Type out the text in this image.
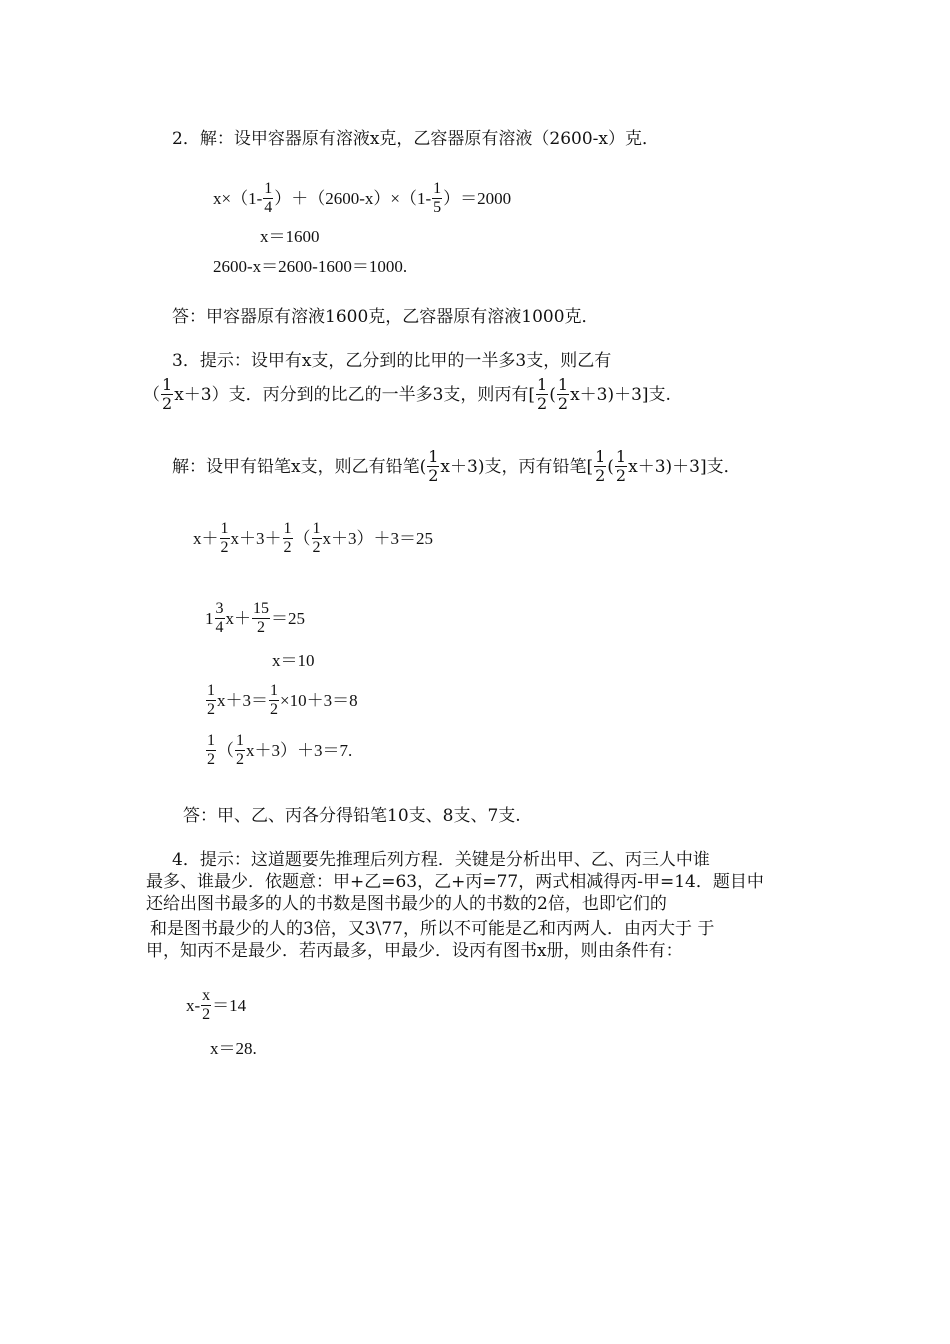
2．解：设甲容器原有溶液x克，乙容器原有溶液（2600-x）克．
$x\times(1- \frac{1}{4} )+(2600-x)\times(1- \frac{1}{5} )=2000$
x＝1600
2600-x＝2600-1600＝1000.
答：甲容器原有溶液1600克，乙容器原有溶液1000克．
3．提示：设甲有x支，乙分到的比甲的一半多3支，则乙有
（ $\frac{1}{2} x+3$）支．丙分到的比乙的一半多3支，则丙有[ $\frac{1}{2}$ ( $\frac{1}{2} x+3)+3$]支.
解：设甲有铅笔x支，则乙有铅笔( $\frac{1}{2} x+3$)支，丙有铅笔[ $\frac{1}{2}$ ( $\frac{1}{2} x+3)+3$]支．
$x+ \frac{1}{2} x+3+ \frac{1}{2}$ （ $\frac{1}{2} x+3)+3=25$
$1 \frac{3}{4} x+ \frac{15}{2} =25$
x＝10
$\frac{1}{2} x+3= \frac{1}{2} \times 10+3=8$
$\frac{1}{2}$ （ $\frac{1}{2} x+3)+3=7$.
答：甲、乙、丙各分得铅笔10支、8支、7支.
4．提示：这道题要先推理后列方程．关键是分析出甲、乙、丙三人中谁
最多、谁最少．依题意：甲+乙=63，乙+丙=77，两式相减得丙-甲=14．题目中
还给出图书最多的人的书数是图书最少的人的书数的2倍，也即它们的
和是图书最少的人的3倍，又3\77，所以不可能是乙和丙两人．由丙大于 于
甲，知丙不是最少．若丙最多，甲最少．设丙有图书x册，则由条件有：
$x- \frac{x}{2} =14$
x＝28.
